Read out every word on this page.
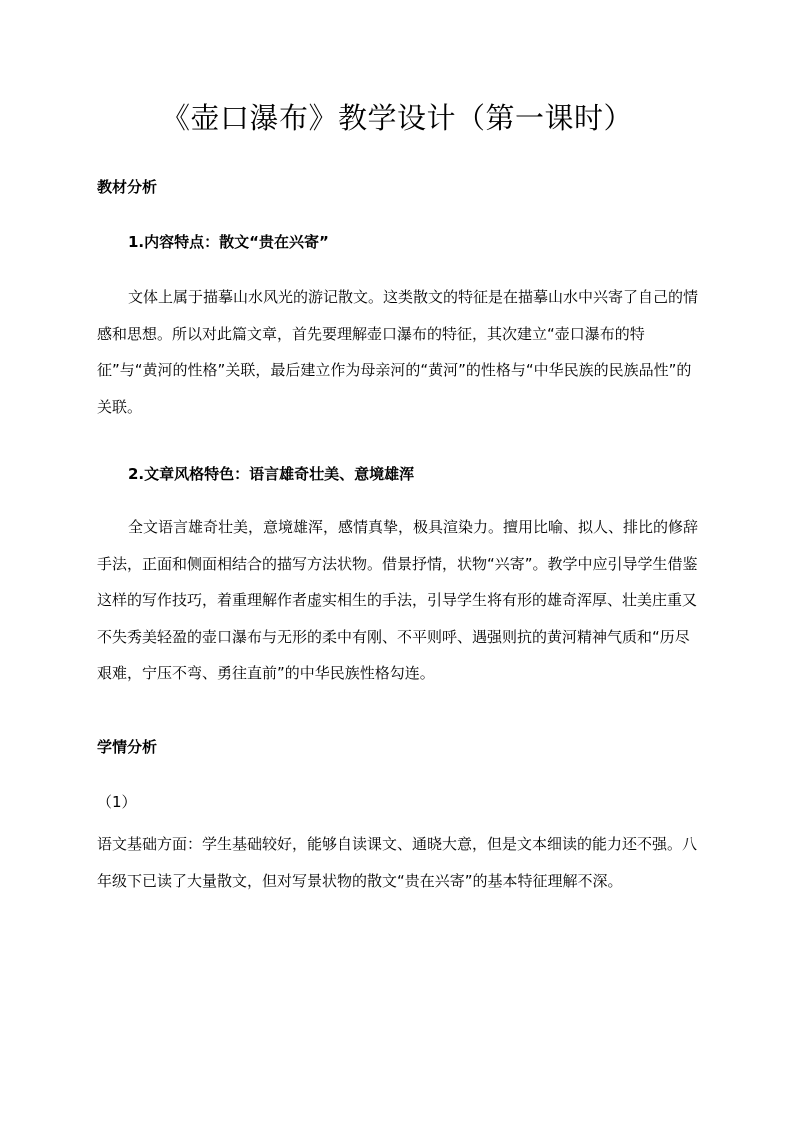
《壶口瀑布》教学设计（第一课时）
教材分析
1.内容特点：散文“贵在兴寄”

文体上属于描摹山水风光的游记散文。这类散文的特征是在描摹山水中兴寄了自己的情感和思想。所以对此篇文章，首先要理解壶口瀑布的特征，其次建立“壶口瀑布的特征”与“黄河的性格”关联，最后建立作为母亲河的“黄河”的性格与“中华民族的民族品性”的关联。

2.文章风格特色：语言雄奇壮美、意境雄浑

全文语言雄奇壮美，意境雄浑，感情真挚，极具渲染力。擅用比喻、拟人、排比的修辞手法，正面和侧面相结合的描写方法状物。借景抒情，状物“兴寄”。教学中应引导学生借鉴这样的写作技巧，着重理解作者虚实相生的手法，引导学生将有形的雄奇浑厚、壮美庄重又不失秀美轻盈的壶口瀑布与无形的柔中有刚、不平则呼、遇强则抗的黄河精神气质和“历尽艰难，宁压不弯、勇往直前”的中华民族性格勾连。

学情分析
（1）

语文基础方面：学生基础较好，能够自读课文、通晓大意，但是文本细读的能力还不强。八年级下已读了大量散文，但对写景状物的散文“贵在兴寄”的基本特征理解不深。
